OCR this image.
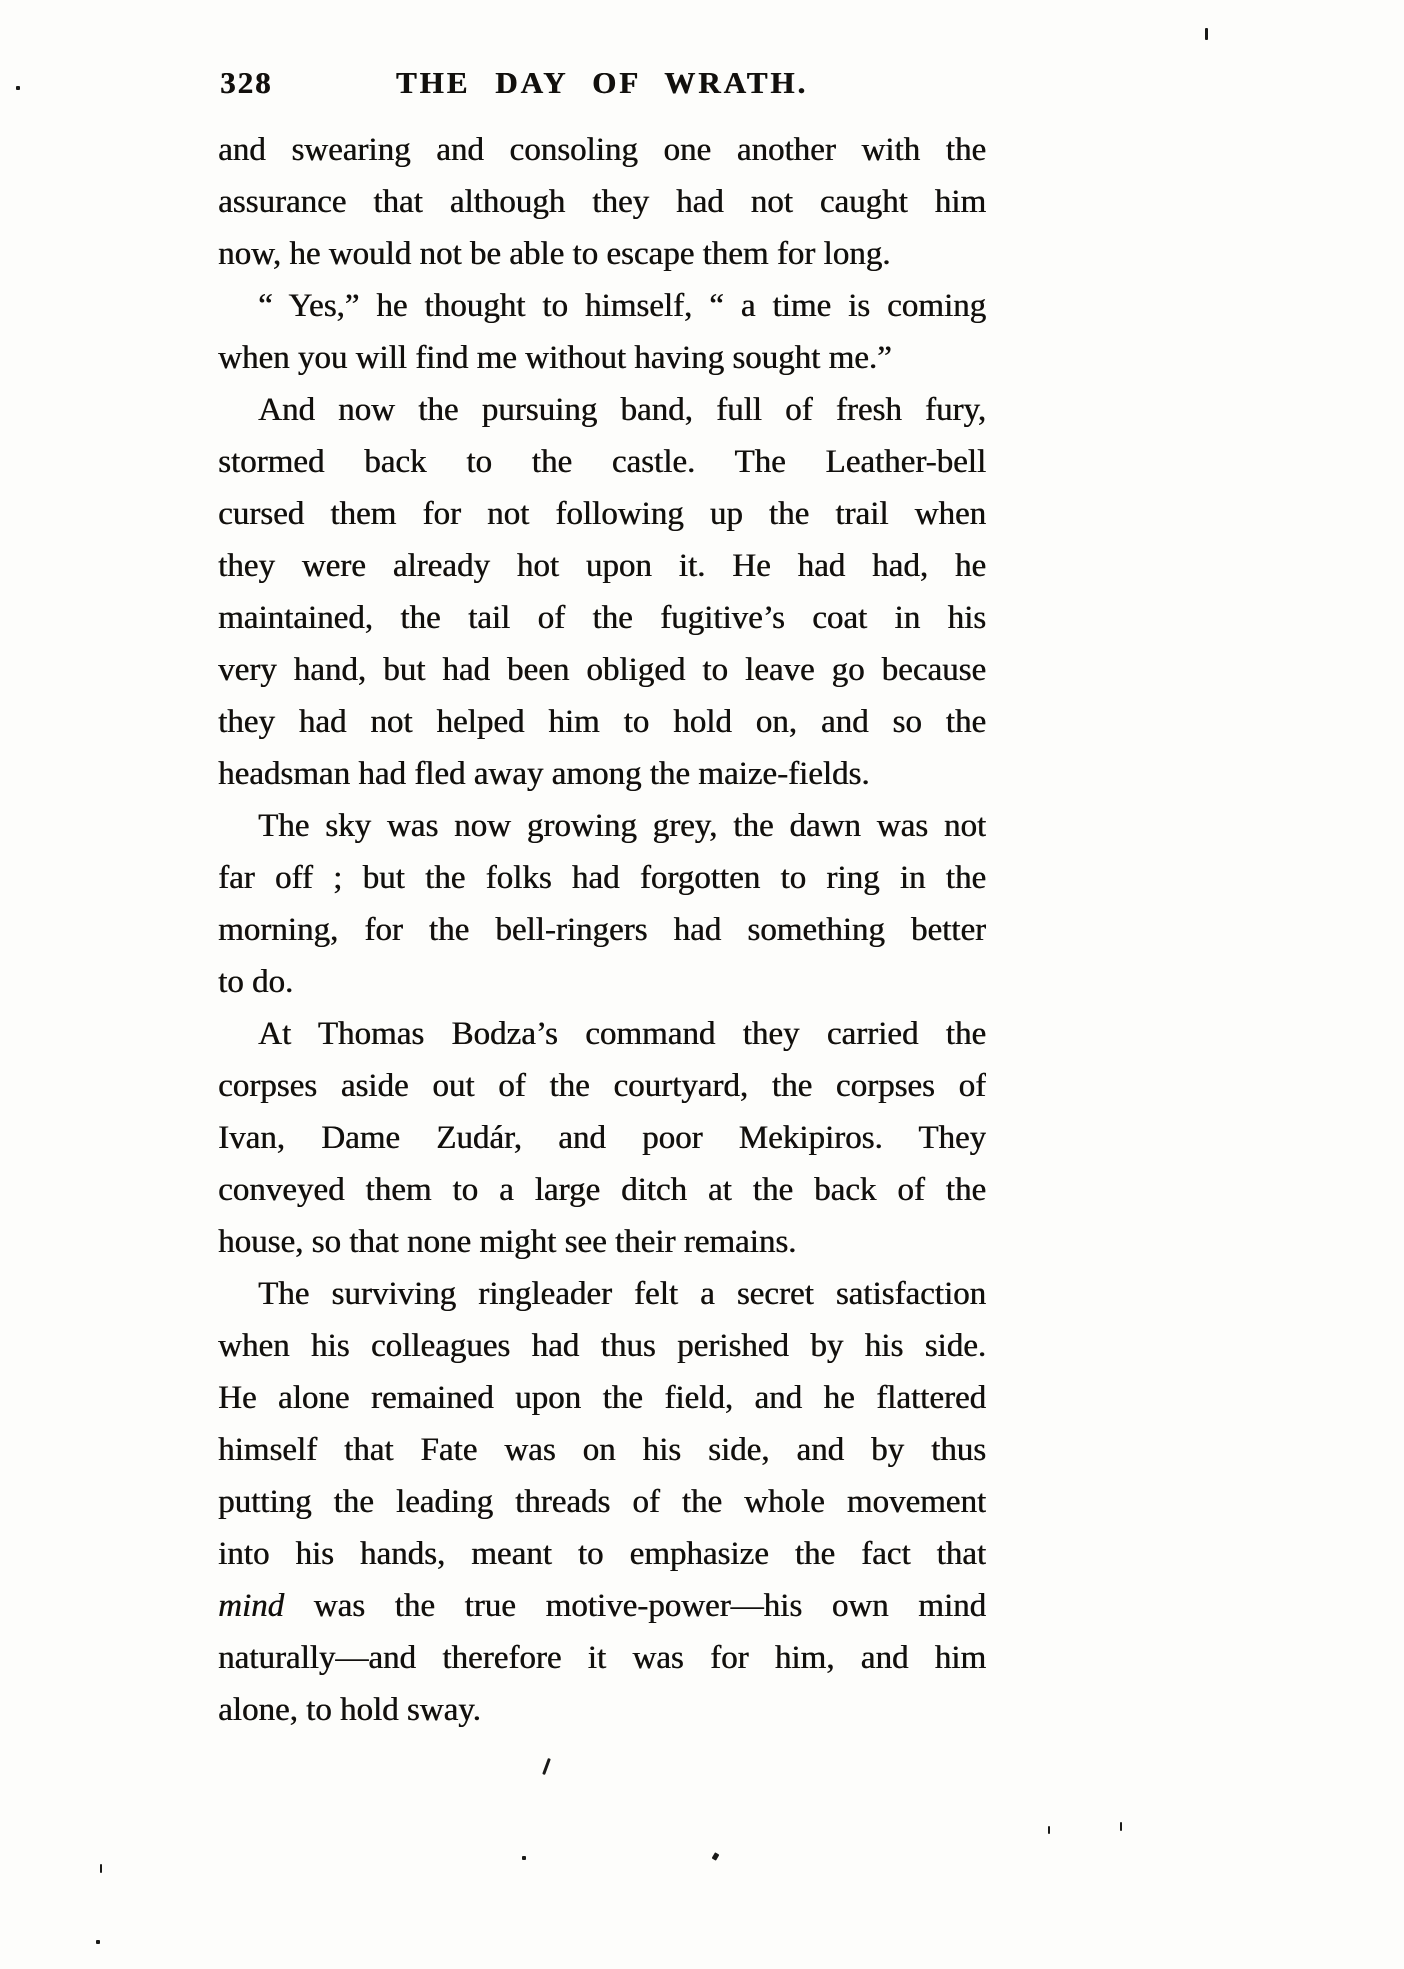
328	THE DAY OF WRATH.
and swearing and consoling one another with the
assurance that although they had not caught him
now, he would not be able to escape them for long.
“ Yes,” he thought to himself, “ a time is coming
when you will find me without having sought me.”
And now the pursuing band, full of fresh fury,
stormed back to the castle. The Leather-bell
cursed them for not following up the trail when
they were already hot upon it. He had had, he
maintained, the tail of the fugitive’s coat in his
very hand, but had been obliged to leave go because
they had not helped him to hold on, and so the
headsman had fled away among the maize-fields.
The sky was now growing grey, the dawn was not
far off ; but the folks had forgotten to ring in the
morning, for the bell-ringers had something better
to do.
At Thomas Bodza’s command they carried the
corpses aside out of the courtyard, the corpses of
Ivan, Dame Zudár, and poor Mekipiros. They
conveyed them to a large ditch at the back of the
house, so that none might see their remains.
The surviving ringleader felt a secret satisfaction
when his colleagues had thus perished by his side.
He alone remained upon the field, and he flattered
himself that Fate was on his side, and by thus
putting the leading threads of the whole movement
into his hands, meant to emphasize the fact that
mind was the true motive-power—his own mind
naturally—and therefore it was for him, and him
alone, to hold sway.
